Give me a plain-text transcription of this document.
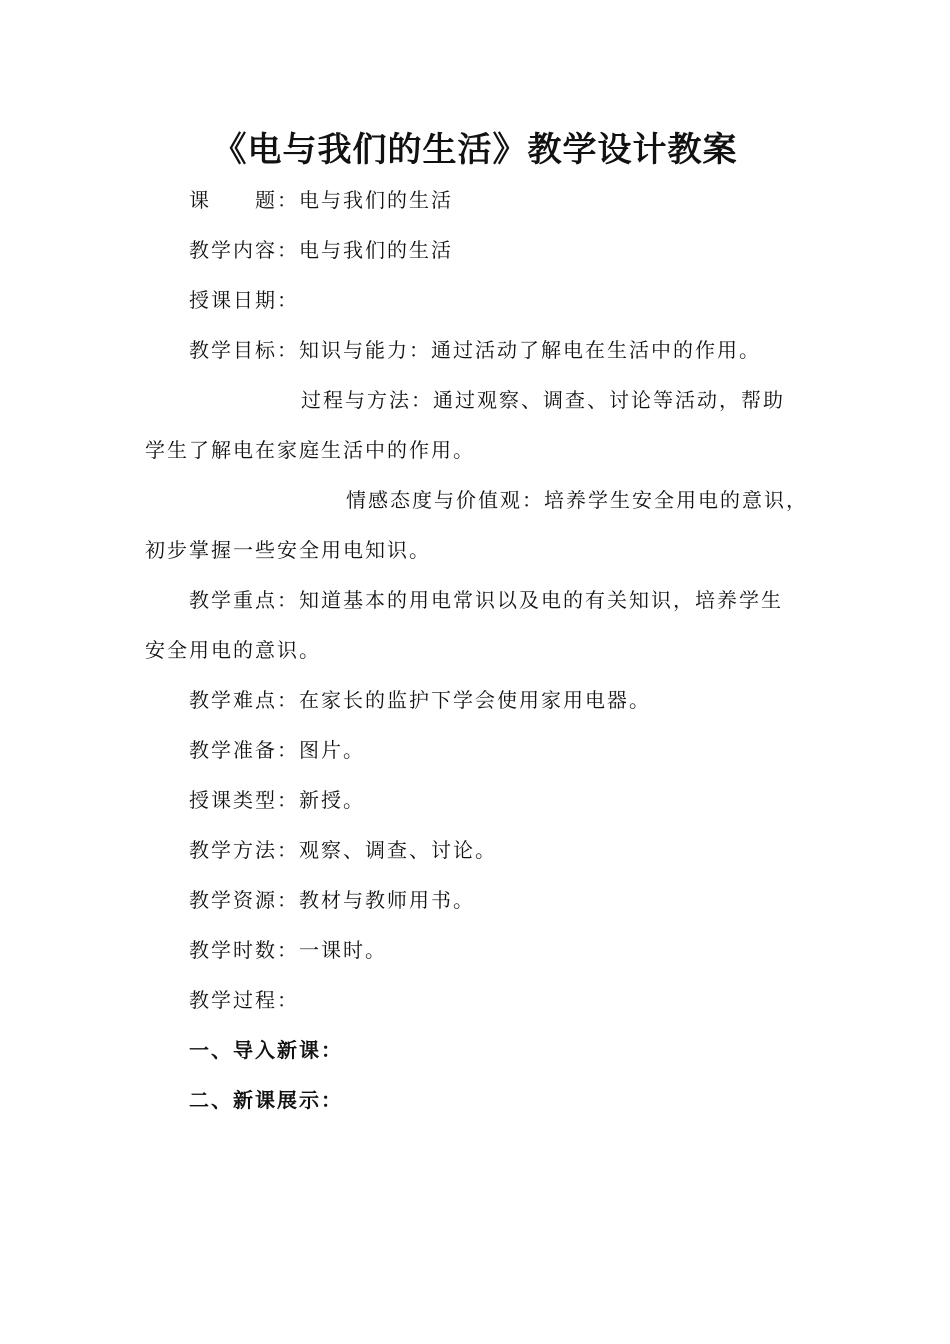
《电与我们的生活》教学设计教案
课　　题：电与我们的生活
教学内容：电与我们的生活
授课日期：
教学目标：知识与能力：通过活动了解电在生活中的作用。
过程与方法：通过观察、调查、讨论等活动，帮助
学生了解电在家庭生活中的作用。
情感态度与价值观：培养学生安全用电的意识，
初步掌握一些安全用电知识。
教学重点：知道基本的用电常识以及电的有关知识，培养学生
安全用电的意识。
教学难点：在家长的监护下学会使用家用电器。
教学准备：图片。
授课类型：新授。
教学方法：观察、调查、讨论。
教学资源：教材与教师用书。
教学时数：一课时。
教学过程：
一、导入新课：
二、新课展示：
